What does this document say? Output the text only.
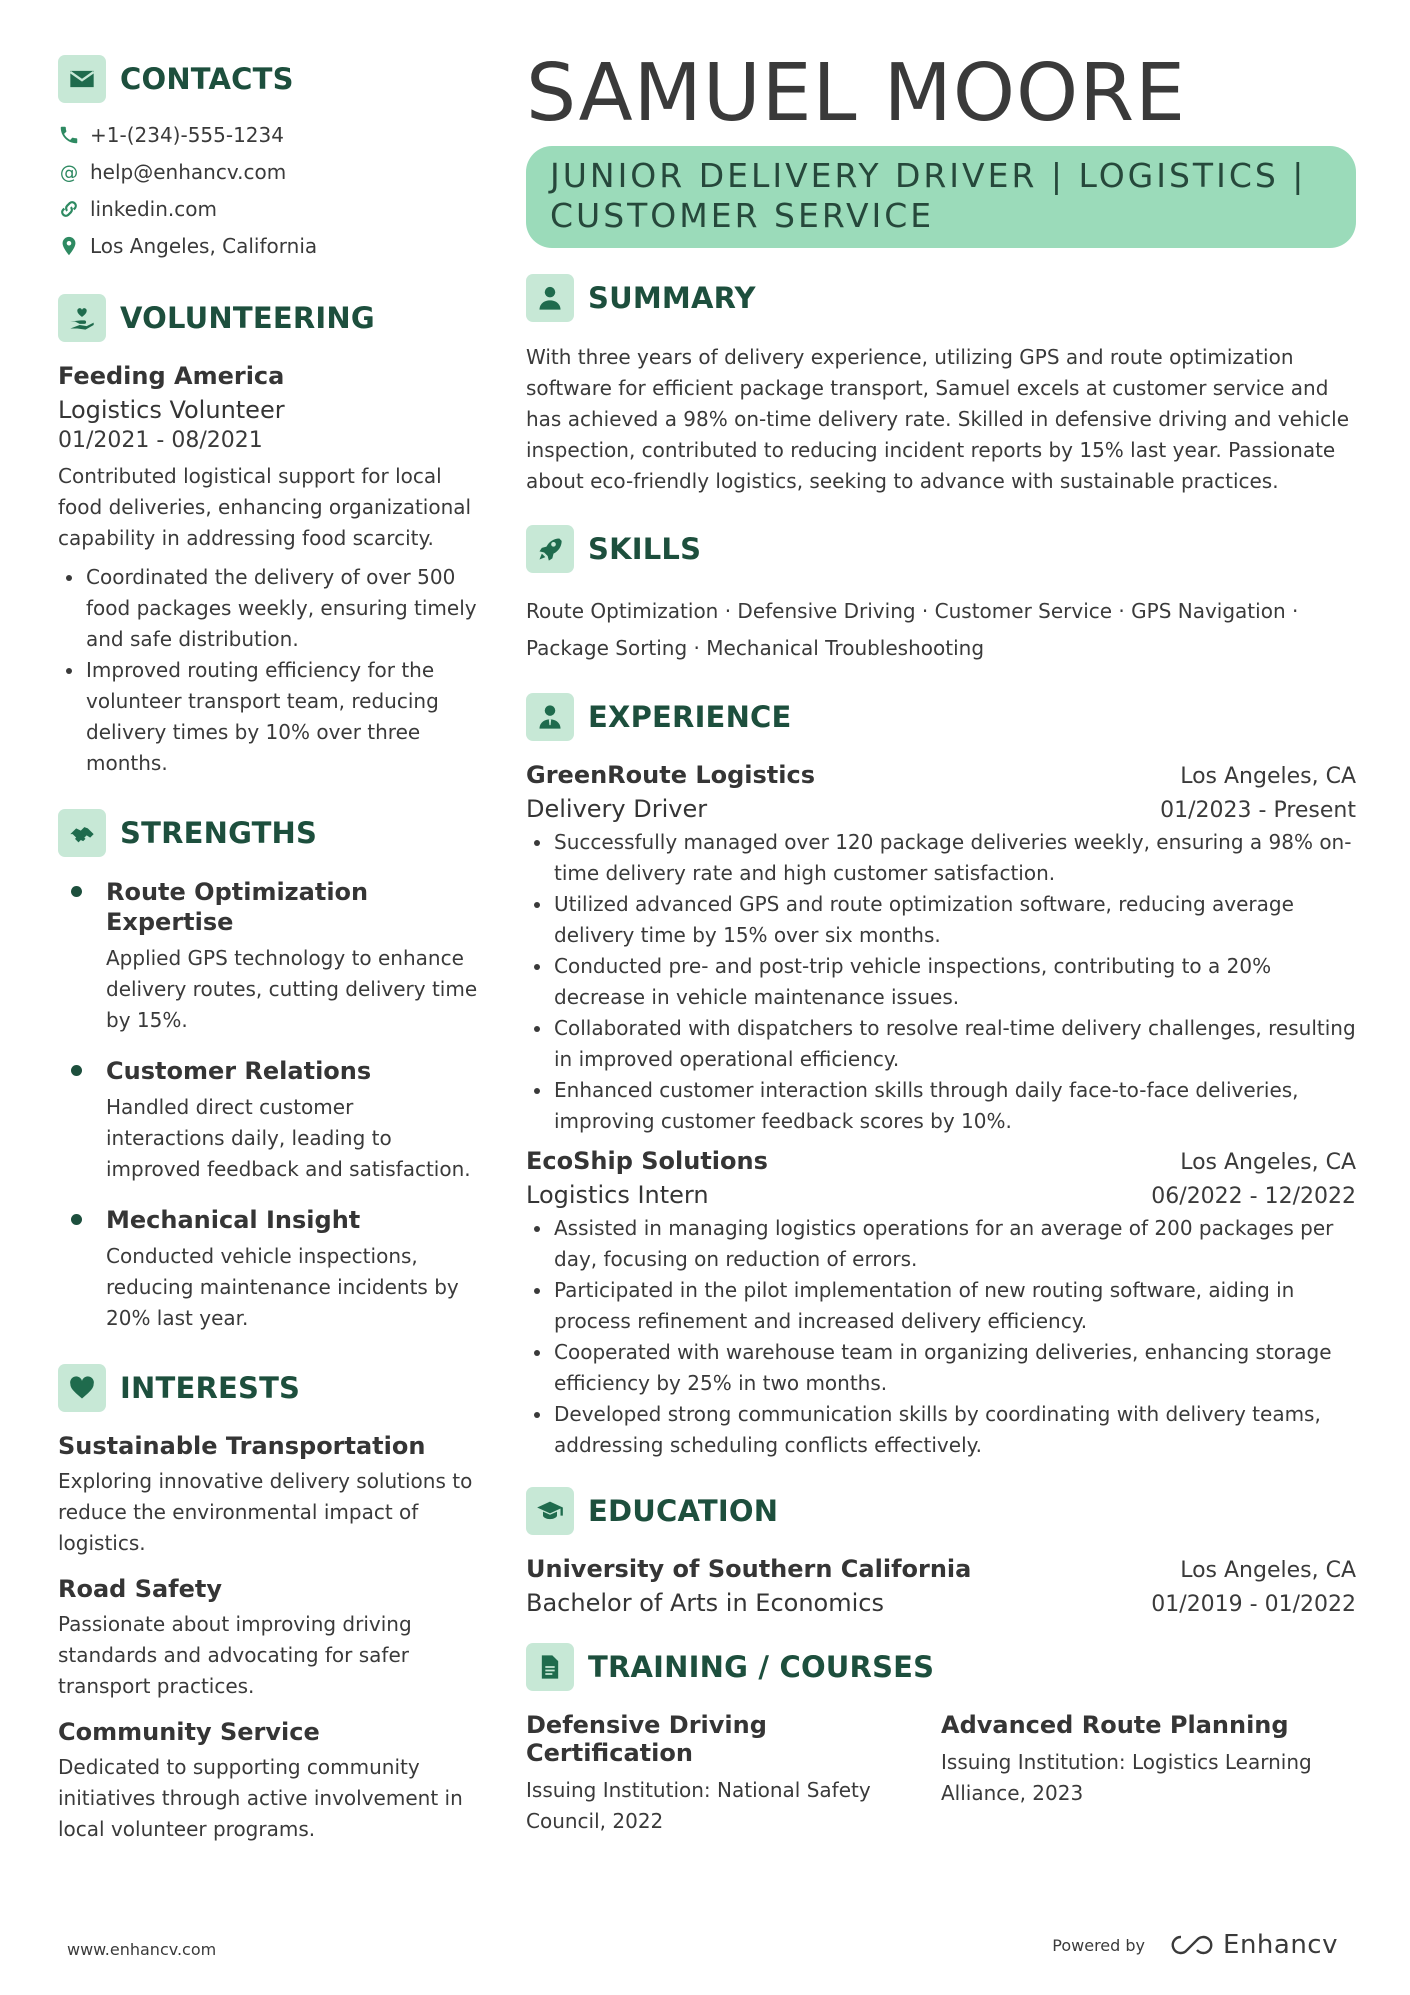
CONTACTS
+1-(234)-555-1234
@ help@enhancv.com
linkedin.com
Los Angeles, California
VOLUNTEERING
Feeding America
Logistics Volunteer
01/2021 - 08/2021
Contributed logistical support for local food deliveries, enhancing organizational capability in addressing food scarcity.
Coordinated the delivery of over 500 food packages weekly, ensuring timely and safe distribution.
Improved routing efficiency for the volunteer transport team, reducing delivery times by 10% over three months.
STRENGTHS
Route Optimization Expertise
Applied GPS technology to enhance delivery routes, cutting delivery time by 15%.
Customer Relations
Handled direct customer interactions daily, leading to improved feedback and satisfaction.
Mechanical Insight
Conducted vehicle inspections, reducing maintenance incidents by 20% last year.
INTERESTS
Sustainable Transportation
Exploring innovative delivery solutions to reduce the environmental impact of logistics.
Road Safety
Passionate about improving driving standards and advocating for safer transport practices.
Community Service
Dedicated to supporting community initiatives through active involvement in local volunteer programs.
SAMUEL MOORE
JUNIOR DELIVERY DRIVER | LOGISTICS | CUSTOMER SERVICE
SUMMARY
With three years of delivery experience, utilizing GPS and route optimization software for efficient package transport, Samuel excels at customer service and has achieved a 98% on-time delivery rate. Skilled in defensive driving and vehicle inspection, contributed to reducing incident reports by 15% last year. Passionate about eco-friendly logistics, seeking to advance with sustainable practices.
SKILLS
Route Optimization · Defensive Driving · Customer Service · GPS Navigation ·
Package Sorting · Mechanical Troubleshooting
EXPERIENCE
GreenRoute Logistics	Los Angeles, CA
Delivery Driver	01/2023 - Present
Successfully managed over 120 package deliveries weekly, ensuring a 98% on-time delivery rate and high customer satisfaction.
Utilized advanced GPS and route optimization software, reducing average delivery time by 15% over six months.
Conducted pre- and post-trip vehicle inspections, contributing to a 20% decrease in vehicle maintenance issues.
Collaborated with dispatchers to resolve real-time delivery challenges, resulting in improved operational efficiency.
Enhanced customer interaction skills through daily face-to-face deliveries, improving customer feedback scores by 10%.
EcoShip Solutions	Los Angeles, CA
Logistics Intern	06/2022 - 12/2022
Assisted in managing logistics operations for an average of 200 packages per day, focusing on reduction of errors.
Participated in the pilot implementation of new routing software, aiding in process refinement and increased delivery efficiency.
Cooperated with warehouse team in organizing deliveries, enhancing storage efficiency by 25% in two months.
Developed strong communication skills by coordinating with delivery teams, addressing scheduling conflicts effectively.
EDUCATION
University of Southern California	Los Angeles, CA
Bachelor of Arts in Economics	01/2019 - 01/2022
TRAINING / COURSES
Defensive Driving Certification
Issuing Institution: National Safety Council, 2022
Advanced Route Planning
Issuing Institution: Logistics Learning Alliance, 2023
www.enhancv.com	Powered by	Enhancv
